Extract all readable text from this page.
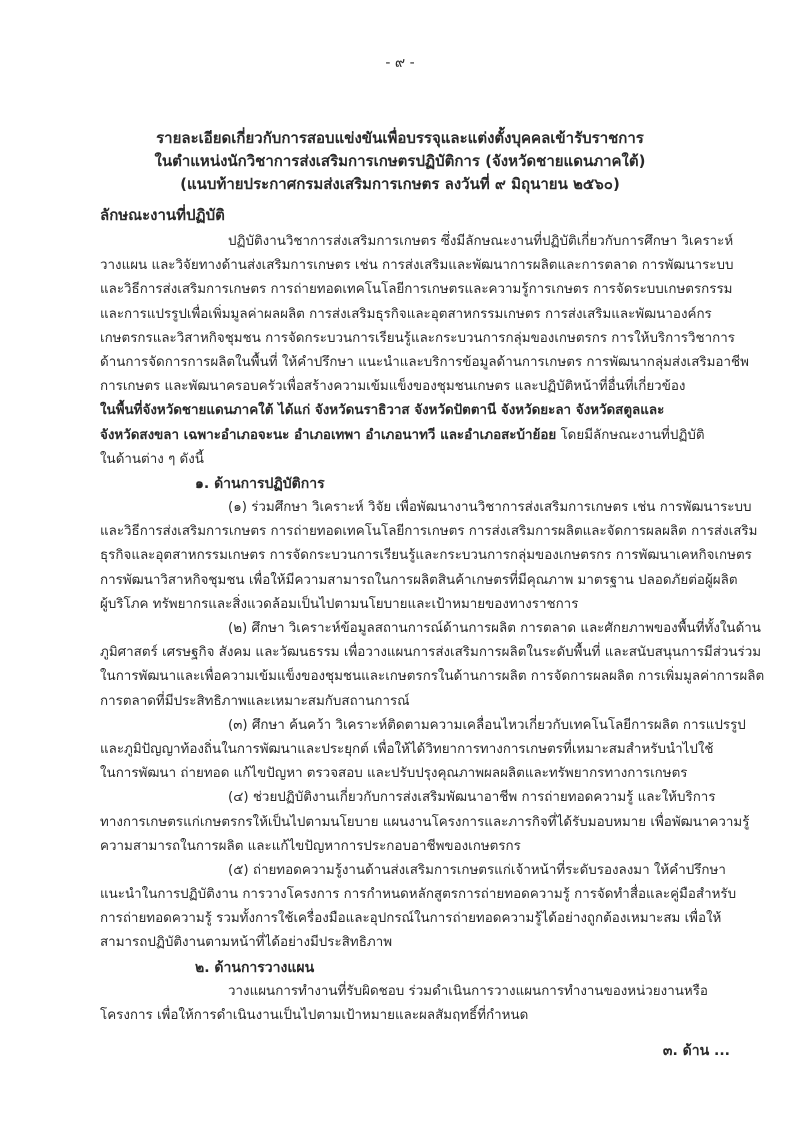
- ๙ -
รายละเอียดเกี่ยวกับการสอบแข่งขันเพื่อบรรจุและแต่งตั้งบุคคลเข้ารับราชการ
ในตำแหน่งนักวิชาการส่งเสริมการเกษตรปฏิบัติการ (จังหวัดชายแดนภาคใต้)
(แนบท้ายประกาศกรมส่งเสริมการเกษตร ลงวันที่ ๙ มิถุนายน ๒๕๖๐)
ลักษณะงานที่ปฏิบัติ
ปฏิบัติงานวิชาการส่งเสริมการเกษตร ซึ่งมีลักษณะงานที่ปฏิบัติเกี่ยวกับการศึกษา วิเคราะห์
วางแผน และวิจัยทางด้านส่งเสริมการเกษตร เช่น การส่งเสริมและพัฒนาการผลิตและการตลาด การพัฒนาระบบ
และวิธีการส่งเสริมการเกษตร การถ่ายทอดเทคโนโลยีการเกษตรและความรู้การเกษตร การจัดระบบเกษตรกรรม
และการแปรรูปเพื่อเพิ่มมูลค่าผลผลิต การส่งเสริมธุรกิจและอุตสาหกรรมเกษตร การส่งเสริมและพัฒนาองค์กร
เกษตรกรและวิสาหกิจชุมชน การจัดกระบวนการเรียนรู้และกระบวนการกลุ่มของเกษตรกร การให้บริการวิชาการ
ด้านการจัดการการผลิตในพื้นที่ ให้คำปรึกษา แนะนำและบริการข้อมูลด้านการเกษตร การพัฒนากลุ่มส่งเสริมอาชีพ
การเกษตร และพัฒนาครอบครัวเพื่อสร้างความเข้มแข็งของชุมชนเกษตร และปฏิบัติหน้าที่อื่นที่เกี่ยวข้อง
ในพื้นที่จังหวัดชายแดนภาคใต้ ได้แก่ จังหวัดนราธิวาส จังหวัดปัตตานี จังหวัดยะลา จังหวัดสตูลและ
จังหวัดสงขลา เฉพาะอำเภอจะนะ อำเภอเทพา อำเภอนาทวี และอำเภอสะบ้าย้อย โดยมีลักษณะงานที่ปฏิบัติ
ในด้านต่าง ๆ ดังนี้
๑. ด้านการปฏิบัติการ
(๑) ร่วมศึกษา วิเคราะห์ วิจัย เพื่อพัฒนางานวิชาการส่งเสริมการเกษตร เช่น การพัฒนาระบบ
และวิธีการส่งเสริมการเกษตร การถ่ายทอดเทคโนโลยีการเกษตร การส่งเสริมการผลิตและจัดการผลผลิต การส่งเสริม
ธุรกิจและอุตสาหกรรมเกษตร การจัดกระบวนการเรียนรู้และกระบวนการกลุ่มของเกษตรกร การพัฒนาเคหกิจเกษตร
การพัฒนาวิสาหกิจชุมชน เพื่อให้มีความสามารถในการผลิตสินค้าเกษตรที่มีคุณภาพ มาตรฐาน ปลอดภัยต่อผู้ผลิต
ผู้บริโภค ทรัพยากรและสิ่งแวดล้อมเป็นไปตามนโยบายและเป้าหมายของทางราชการ
(๒) ศึกษา วิเคราะห์ข้อมูลสถานการณ์ด้านการผลิต การตลาด และศักยภาพของพื้นที่ทั้งในด้าน
ภูมิศาสตร์ เศรษฐกิจ สังคม และวัฒนธรรม เพื่อวางแผนการส่งเสริมการผลิตในระดับพื้นที่ และสนับสนุนการมีส่วนร่วม
ในการพัฒนาและเพื่อความเข้มแข็งของชุมชนและเกษตรกรในด้านการผลิต การจัดการผลผลิต การเพิ่มมูลค่าการผลิต
การตลาดที่มีประสิทธิภาพและเหมาะสมกับสถานการณ์
(๓) ศึกษา ค้นคว้า วิเคราะห์ติดตามความเคลื่อนไหวเกี่ยวกับเทคโนโลยีการผลิต การแปรรูป
และภูมิปัญญาท้องถิ่นในการพัฒนาและประยุกต์ เพื่อให้ได้วิทยาการทางการเกษตรที่เหมาะสมสำหรับนำไปใช้
ในการพัฒนา ถ่ายทอด แก้ไขปัญหา ตรวจสอบ และปรับปรุงคุณภาพผลผลิตและทรัพยากรทางการเกษตร
(๔) ช่วยปฏิบัติงานเกี่ยวกับการส่งเสริมพัฒนาอาชีพ การถ่ายทอดความรู้ และให้บริการ
ทางการเกษตรแก่เกษตรกรให้เป็นไปตามนโยบาย แผนงานโครงการและภารกิจที่ได้รับมอบหมาย เพื่อพัฒนาความรู้
ความสามารถในการผลิต และแก้ไขปัญหาการประกอบอาชีพของเกษตรกร
(๕) ถ่ายทอดความรู้งานด้านส่งเสริมการเกษตรแก่เจ้าหน้าที่ระดับรองลงมา ให้คำปรึกษา
แนะนำในการปฏิบัติงาน การวางโครงการ การกำหนดหลักสูตรการถ่ายทอดความรู้ การจัดทำสื่อและคู่มือสำหรับ
การถ่ายทอดความรู้ รวมทั้งการใช้เครื่องมือและอุปกรณ์ในการถ่ายทอดความรู้ได้อย่างถูกต้องเหมาะสม เพื่อให้
สามารถปฏิบัติงานตามหน้าที่ได้อย่างมีประสิทธิภาพ
๒. ด้านการวางแผน
วางแผนการทำงานที่รับผิดชอบ ร่วมดำเนินการวางแผนการทำงานของหน่วยงานหรือ
โครงการ เพื่อให้การดำเนินงานเป็นไปตามเป้าหมายและผลสัมฤทธิ์ที่กำหนด
๓. ด้าน ...
